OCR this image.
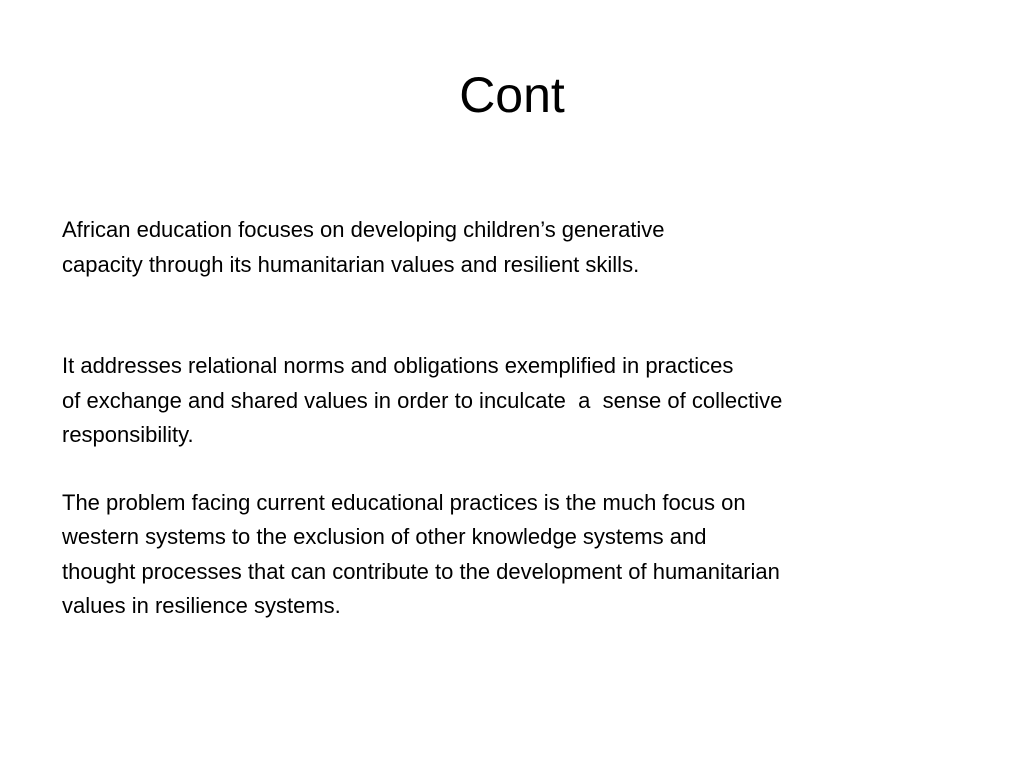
Cont

African education focuses on developing children’s generative
capacity through its humanitarian values and resilient skills.

It addresses relational norms and obligations exemplified in practices
of exchange and shared values in order to inculcate  a  sense of collective
responsibility.

The problem facing current educational practices is the much focus on
western systems to the exclusion of other knowledge systems and
thought processes that can contribute to the development of humanitarian
values in resilience systems.
